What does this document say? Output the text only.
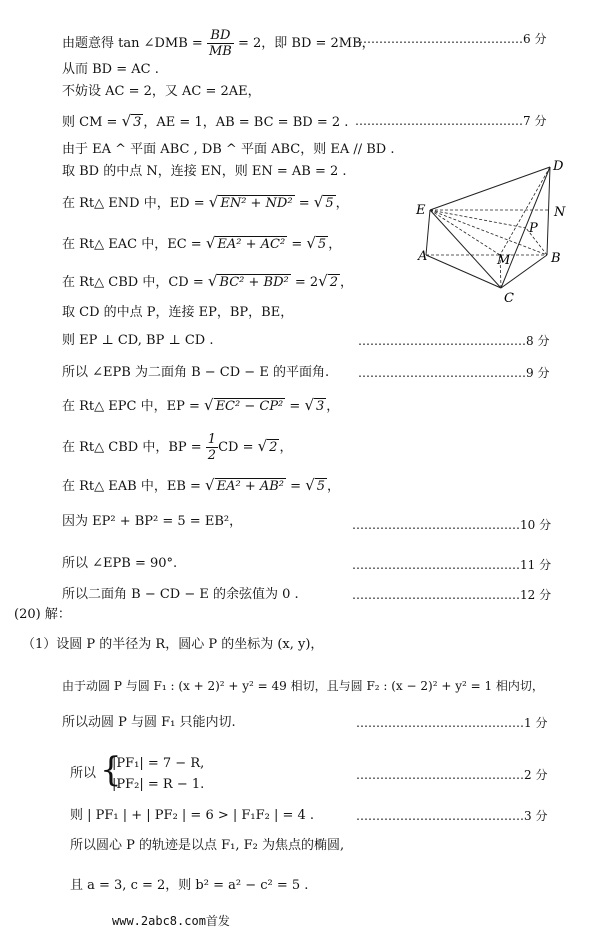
由题意得 tan ∠DMB = $\frac{BD}{MB} = 2$，即 BD = 2MB，
……………………………………6 分
从而 BD = AC .
不妨设 AC = 2，又 AC = 2AE，
则 CM = √ 3 ，AE = 1，AB = BC = BD = 2 . ……………………………………7 分
由于 EA ^ 平面 ABC , DB ^ 平面 ABC，则 EA // BD .
取 BD 的中点 N，连接 EN，则 EN = AB = 2 .
在 Rt△ END 中，ED = √ EN² + ND² = √ 5 ，
在 Rt△ EAC 中，EC = √ EA² + AC² = √ 5 ，
在 Rt△ CBD 中，CD = √ BC² + BD² = 2√ 2 ，
取 CD 的中点 P，连接 EP，BP，BE，
则 EP ⊥ CD, BP ⊥ CD .	……………………………………8 分
所以 ∠EPB 为二面角 B − CD − E 的平面角. ……………………………………9 分
在 Rt△ EPC 中，EP = √ EC² − CP² = √ 3 ，
在 Rt△ CBD 中，BP = $\frac{1}{2}$ CD = √ 2 ，
在 Rt△ EAB 中，EB = √ EA² + AB² = √ 5 ，
因为 EP² + BP² = 5 = EB²，	……………………………………10 分
所以 ∠EPB = 90°.	……………………………………11 分
所以二面角 B − CD − E 的余弦值为 0 .	……………………………………12 分
(20) 解：
（1）设圆 P 的半径为 R，圆心 P 的坐标为 (x, y)，
由于动圆 P 与圆 F₁ : (x + 2)² + y² = 49 相切，且与圆 F₂ : (x − 2)² + y² = 1 相内切，
所以动圆 P 与圆 F₁ 只能内切.	……………………………………1 分
所以 {
|PF₁| = 7 − R,
|PF₂| = R − 1.
……………………………………2 分
则 | PF₁ | + | PF₂ | = 6 > | F₁F₂ | = 4 .	……………………………………3 分
所以圆心 P 的轨迹是以点 F₁, F₂ 为焦点的椭圆,
且 a = 3, c = 2，则 b² = a² − c² = 5 .
www.2abc8.com首发
D
E	N
P
A	M	B
C
